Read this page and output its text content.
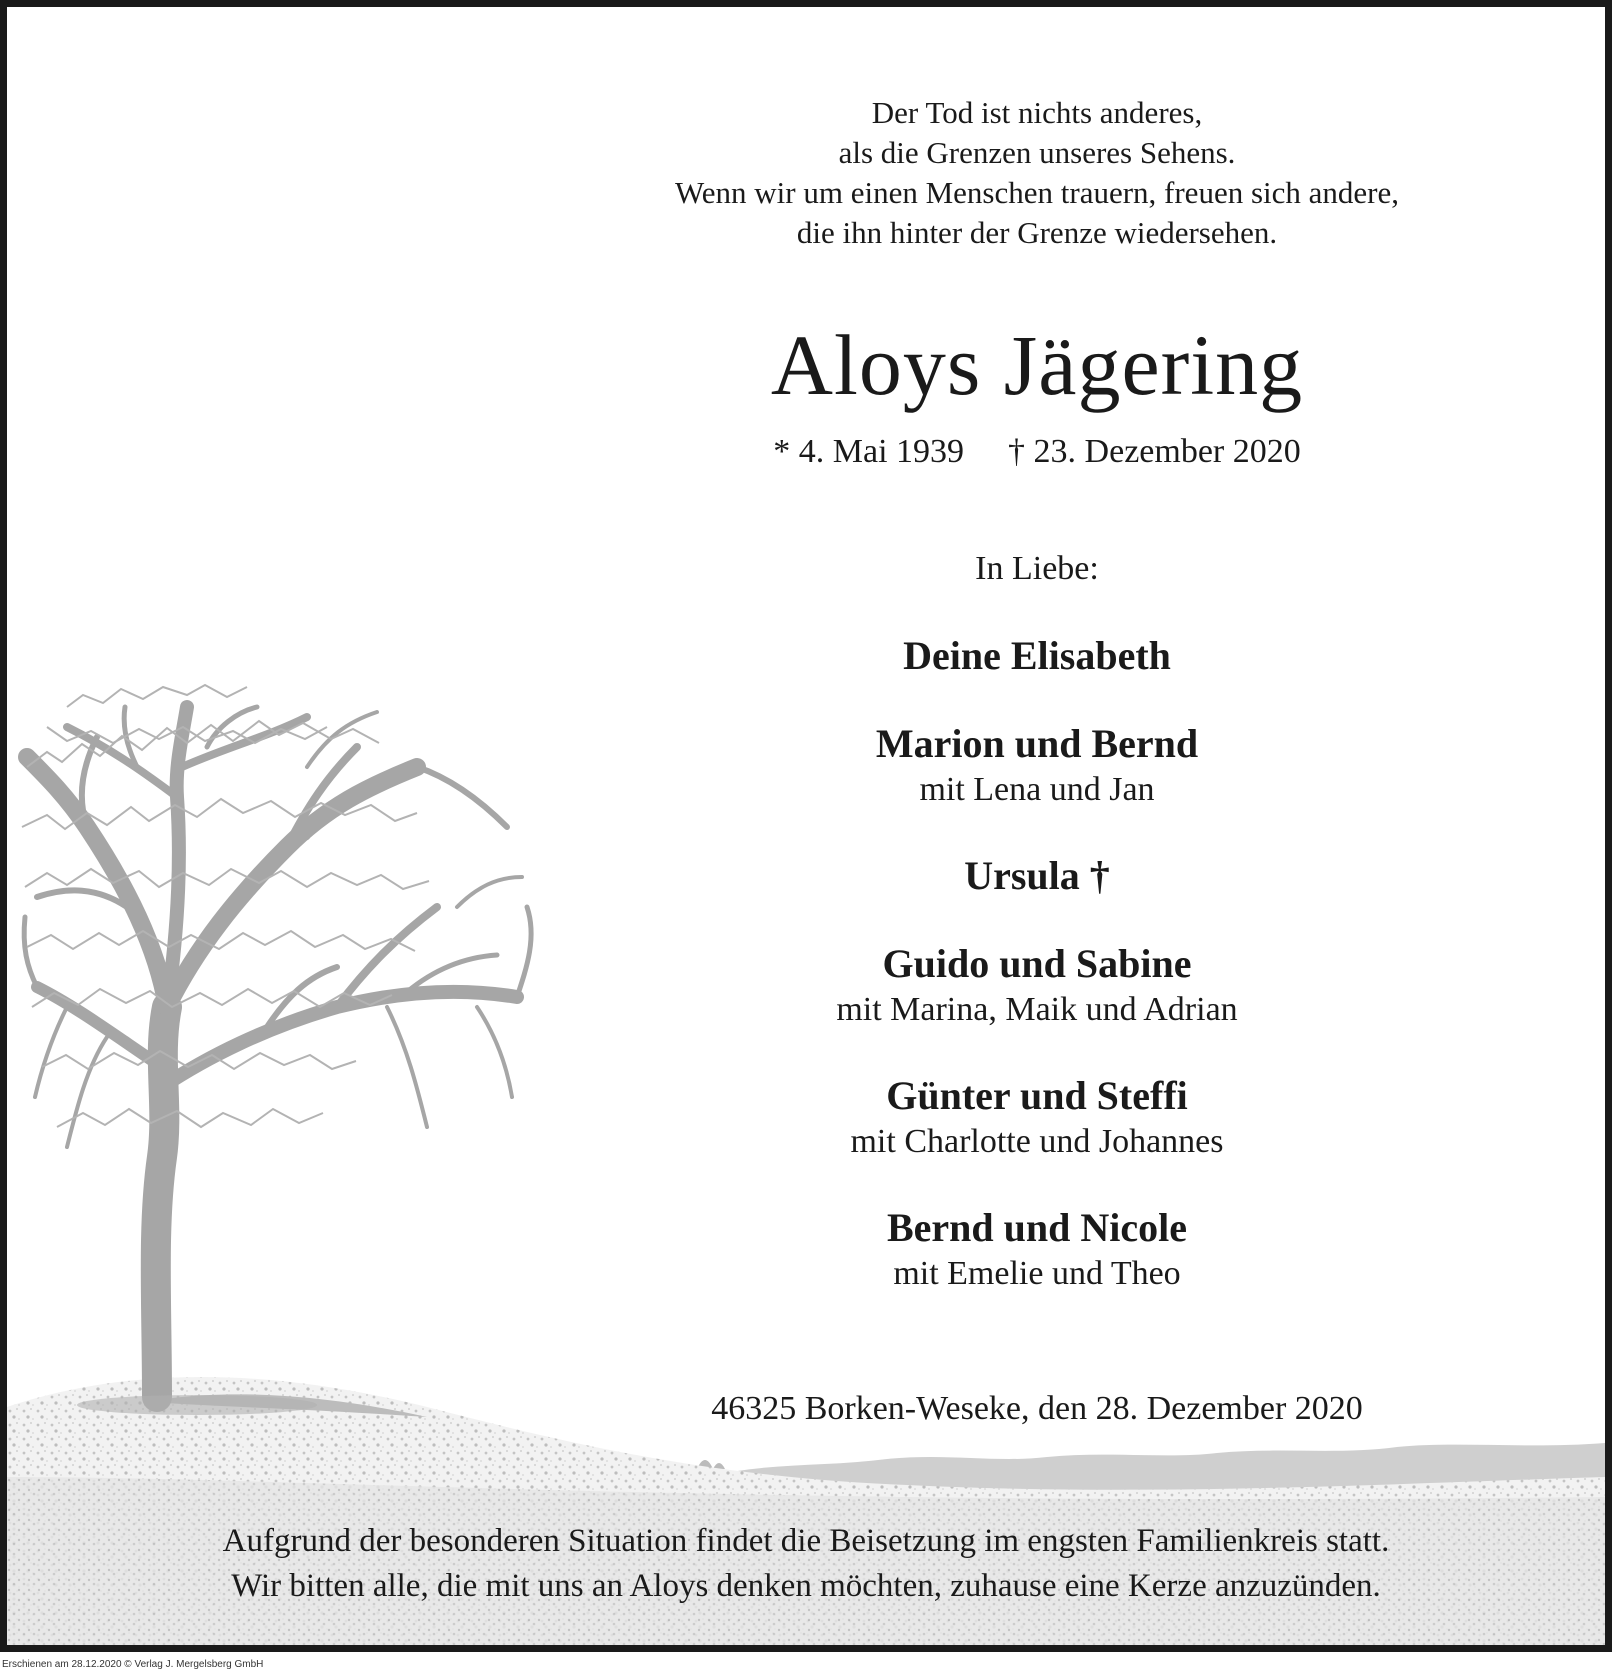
Der Tod ist nichts anderes,
als die Grenzen unseres Sehens.
Wenn wir um einen Menschen trauern, freuen sich andere,
die ihn hinter der Grenze wiedersehen.
Aloys Jägering
* 4. Mai 1939 † 23. Dezember 2020
In Liebe:
Deine Elisabeth
Marion und Bernd
mit Lena und Jan
Ursula †
Guido und Sabine
mit Marina, Maik und Adrian
Günter und Steffi
mit Charlotte und Johannes
Bernd und Nicole
mit Emelie und Theo
46325 Borken-Weseke, den 28. Dezember 2020
Aufgrund der besonderen Situation findet die Beisetzung im engsten Familienkreis statt.
Wir bitten alle, die mit uns an Aloys denken möchten, zuhause eine Kerze anzuzünden.
Erschienen am 28.12.2020 © Verlag J. Mergelsberg GmbH
